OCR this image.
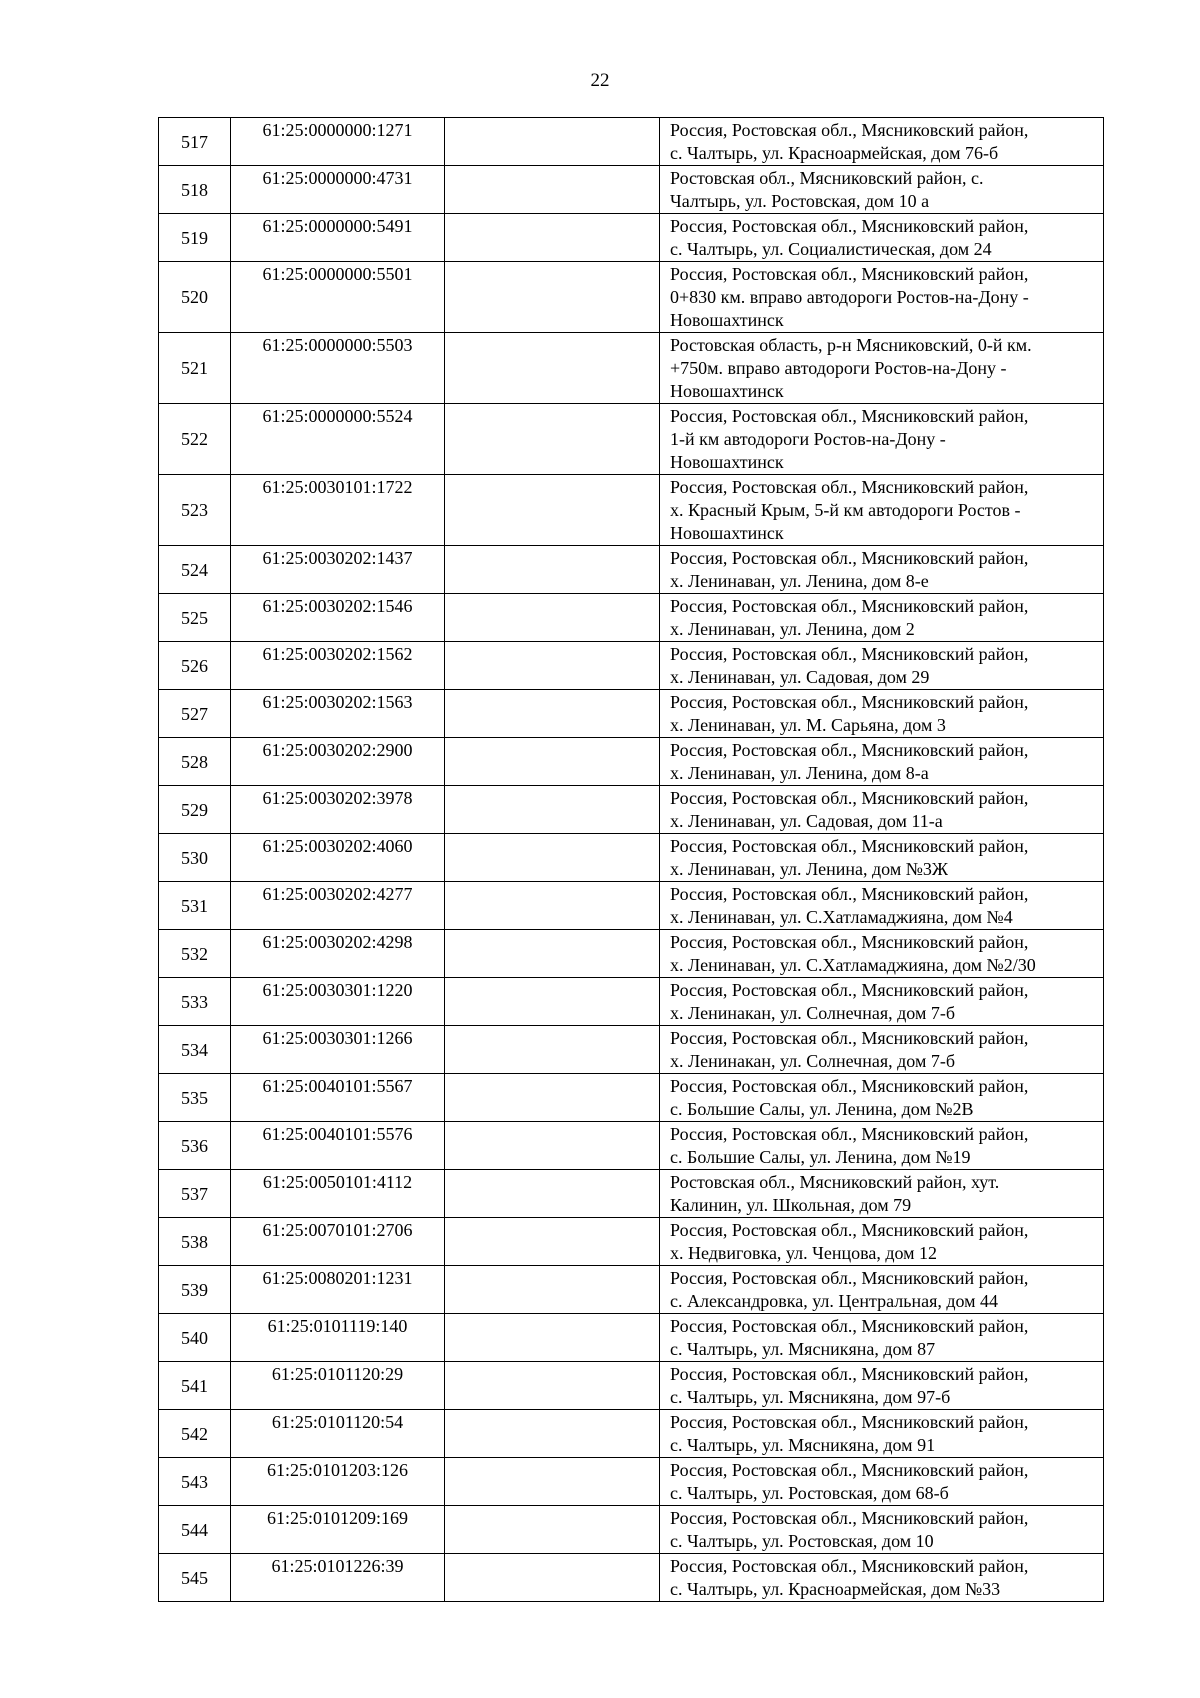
22
517	61:25:0000000:1271		Россия, Ростовская обл., Мясниковский район,
с. Чалтырь, ул. Красноармейская, дом 76-б
518	61:25:0000000:4731		Ростовская обл., Мясниковский район, с.
Чалтырь, ул. Ростовская, дом 10 а
519	61:25:0000000:5491		Россия, Ростовская обл., Мясниковский район,
с. Чалтырь, ул. Социалистическая, дом 24
520	61:25:0000000:5501		Россия, Ростовская обл., Мясниковский район,
0+830 км. вправо автодороги Ростов-на-Дону -
Новошахтинск
521	61:25:0000000:5503		Ростовская область, р-н Мясниковский, 0-й км.
+750м. вправо автодороги Ростов-на-Дону -
Новошахтинск
522	61:25:0000000:5524		Россия, Ростовская обл., Мясниковский район,
1-й км автодороги Ростов-на-Дону -
Новошахтинск
523	61:25:0030101:1722		Россия, Ростовская обл., Мясниковский район,
х. Красный Крым, 5-й км автодороги Ростов -
Новошахтинск
524	61:25:0030202:1437		Россия, Ростовская обл., Мясниковский район,
х. Ленинаван, ул. Ленина, дом 8-е
525	61:25:0030202:1546		Россия, Ростовская обл., Мясниковский район,
х. Ленинаван, ул. Ленина, дом 2
526	61:25:0030202:1562		Россия, Ростовская обл., Мясниковский район,
х. Ленинаван, ул. Садовая, дом 29
527	61:25:0030202:1563		Россия, Ростовская обл., Мясниковский район,
х. Ленинаван, ул. М. Сарьяна, дом 3
528	61:25:0030202:2900		Россия, Ростовская обл., Мясниковский район,
х. Ленинаван, ул. Ленина, дом 8-а
529	61:25:0030202:3978		Россия, Ростовская обл., Мясниковский район,
х. Ленинаван, ул. Садовая, дом 11-а
530	61:25:0030202:4060		Россия, Ростовская обл., Мясниковский район,
х. Ленинаван, ул. Ленина, дом №3Ж
531	61:25:0030202:4277		Россия, Ростовская обл., Мясниковский район,
х. Ленинаван, ул. С.Хатламаджияна, дом №4
532	61:25:0030202:4298		Россия, Ростовская обл., Мясниковский район,
х. Ленинаван, ул. С.Хатламаджияна, дом №2/30
533	61:25:0030301:1220		Россия, Ростовская обл., Мясниковский район,
х. Ленинакан, ул. Солнечная, дом 7-б
534	61:25:0030301:1266		Россия, Ростовская обл., Мясниковский район,
х. Ленинакан, ул. Солнечная, дом 7-б
535	61:25:0040101:5567		Россия, Ростовская обл., Мясниковский район,
с. Большие Салы, ул. Ленина, дом №2В
536	61:25:0040101:5576		Россия, Ростовская обл., Мясниковский район,
с. Большие Салы, ул. Ленина, дом №19
537	61:25:0050101:4112		Ростовская обл., Мясниковский район, хут.
Калинин, ул. Школьная, дом 79
538	61:25:0070101:2706		Россия, Ростовская обл., Мясниковский район,
х. Недвиговка, ул. Ченцова, дом 12
539	61:25:0080201:1231		Россия, Ростовская обл., Мясниковский район,
с. Александровка, ул. Центральная, дом 44
540	61:25:0101119:140		Россия, Ростовская обл., Мясниковский район,
с. Чалтырь, ул. Мясникяна, дом 87
541	61:25:0101120:29		Россия, Ростовская обл., Мясниковский район,
с. Чалтырь, ул. Мясникяна, дом 97-б
542	61:25:0101120:54		Россия, Ростовская обл., Мясниковский район,
с. Чалтырь, ул. Мясникяна, дом 91
543	61:25:0101203:126		Россия, Ростовская обл., Мясниковский район,
с. Чалтырь, ул. Ростовская, дом 68-б
544	61:25:0101209:169		Россия, Ростовская обл., Мясниковский район,
с. Чалтырь, ул. Ростовская, дом 10
545	61:25:0101226:39		Россия, Ростовская обл., Мясниковский район,
с. Чалтырь, ул. Красноармейская, дом №33
